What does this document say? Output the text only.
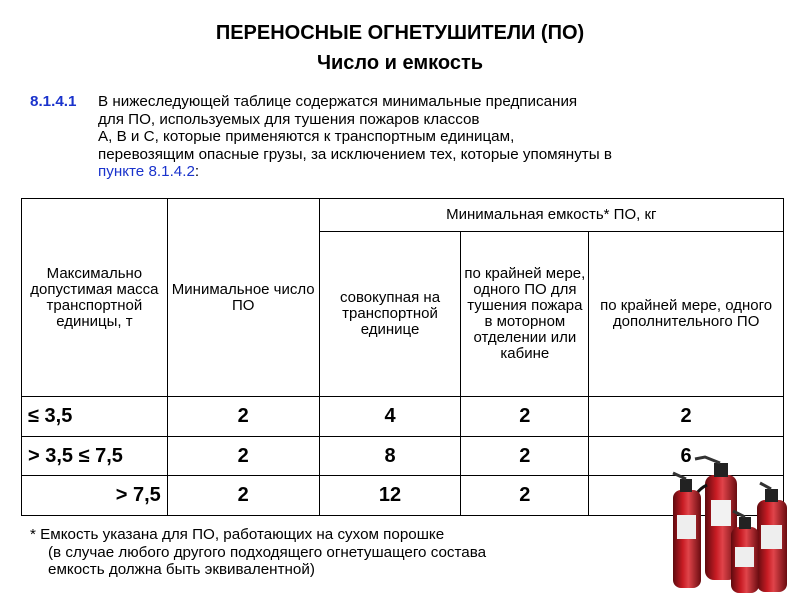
ПЕРЕНОСНЫЕ ОГНЕТУШИТЕЛИ (ПО)
Число и емкость
8.1.4.1 В нижеследующей таблице содержатся минимальные предписания
для ПО, используемых для тушения пожаров классов
А, В и С, которые применяются к транспортным единицам,
перевозящим опасные грузы, за исключением тех, которые упомянуты в
пункте 8.1.4.2:
Максимально допустимая масса транспортной единицы, т	Минимальное число ПО	Минимальная емкость* ПО, кг		
		совокупная на транспортной единице	по крайней мере, одного ПО для тушения пожара в моторном отделении или кабине	по крайней мере, одного дополнительного ПО
≤ 3,5	2	4	2	2
> 3,5 ≤ 7,5	2	8	2	6
> 7,5	2	12	2	
* Емкость указана для ПО, работающих на сухом порошке
(в случае любого другого подходящего огнетушащего состава
емкость должна быть эквивалентной)
